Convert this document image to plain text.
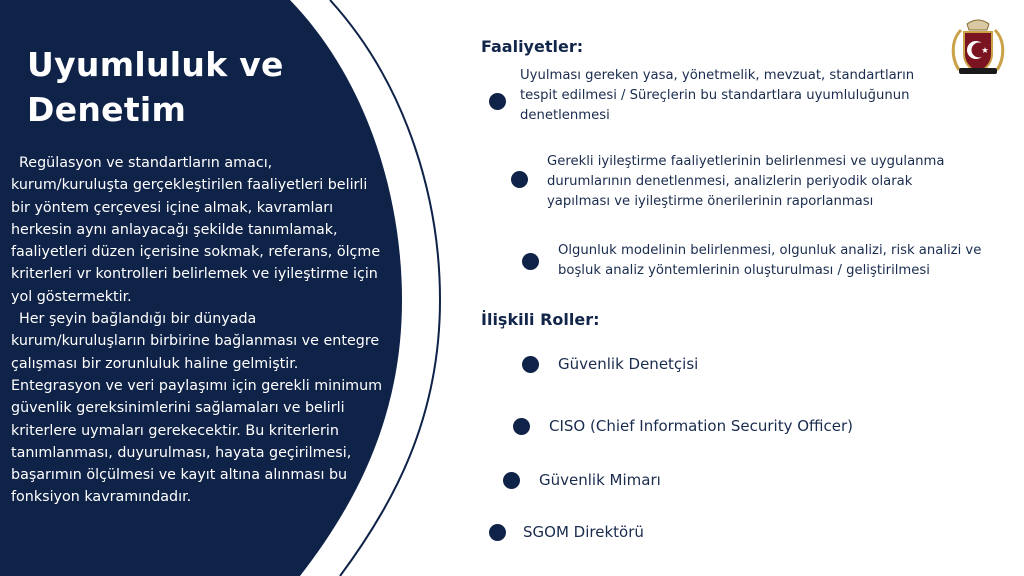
Uyumluluk ve
Denetim

Regülasyon ve standartların amacı, kurum/kuruluşta gerçekleştirilen faaliyetleri belirli bir yöntem çerçevesi içine almak, kavramları herkesin aynı anlayacağı şekilde tanımlamak, faaliyetleri düzen içerisine sokmak, referans, ölçme kriterleri vr kontrolleri belirlemek ve iyileştirme için yol göstermektir.

Her şeyin bağlandığı bir dünyada kurum/kuruluşların birbirine bağlanması ve entegre çalışması bir zorunluluk haline gelmiştir. Entegrasyon ve veri paylaşımı için gerekli minimum güvenlik gereksinimlerini sağlamaları ve belirli kriterlere uymaları gerekecektir. Bu kriterlerin tanımlanması, duyurulması, hayata geçirilmesi, başarımın ölçülmesi ve kayıt altına alınması bu fonksiyon kavramındadır.

Faaliyetler:
Uyulması gereken yasa, yönetmelik, mevzuat, standartların tespit edilmesi / Süreçlerin bu standartlara uyumluluğunun denetlenmesi
Gerekli iyileştirme faaliyetlerinin belirlenmesi ve uygulanma durumlarının denetlenmesi, analizlerin periyodik olarak yapılması ve iyileştirme önerilerinin raporlanması
Olgunluk modelinin belirlenmesi, olgunluk analizi, risk analizi ve boşluk analiz yöntemlerinin oluşturulması / geliştirilmesi
İlişkili Roller:
Güvenlik Denetçisi
CISO (Chief Information Security Officer)
Güvenlik Mimarı
SGOM Direktörü
